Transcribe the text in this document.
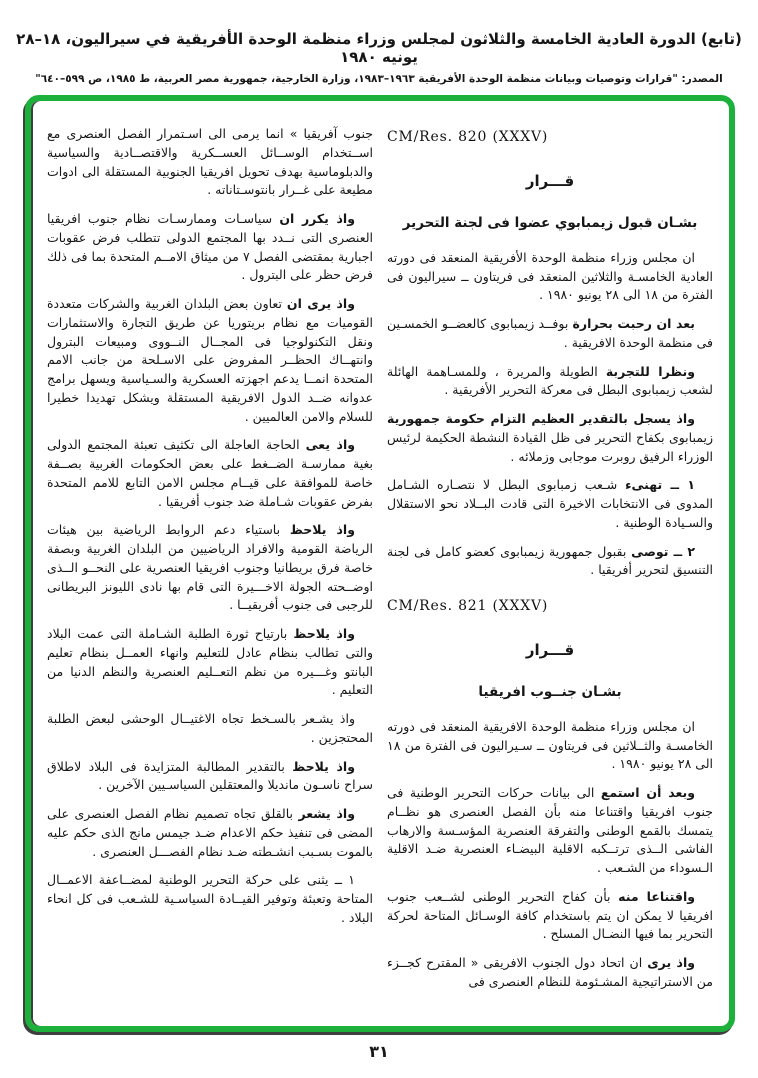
(تابع) الدورة العادية الخامسة والثلاثون لمجلس وزراء منظمة الوحدة الأفريقية في سيراليون، ١٨–٢٨ يونيه ١٩٨٠
المصدر: "قرارات وتوصيات وبيانات منظمة الوحدة الأفريقية ١٩٦٣–١٩٨٣، وزارة الخارجية، جمهورية مصر العربية، ط ١٩٨٥، ص ٥٩٩–٦٤٠"
CM/Res. 820 (XXXV)
قـــرار
بشـان قبول زيمبابوي عضوا فى لجنة التحرير

ان مجلس وزراء منظمة الوحدة الأفريقية المنعقد فى دورته العادية الخامسـة والثلاثين المنعقد فى فريتاون ــ سيراليون فى الفترة من ١٨ الى ٢٨ يونيو ١٩٨٠ .

بعد ان رحبت بحرارة بوفــد زيمبابوى كالعضــو الخمسـين فى منظمة الوحدة الافريقية .

ونظرا للتجربة الطويلة والمريرة ، وللمسـاهمة الهائلة لشعب زيمبابوى البطل فى معركة التحرير الأفريقية .

واذ يسجل بالتقدير العظيم التزام حكومة جمهورية زيمبابوى بكفاح التحرير فى ظل القيادة النشطة الحكيمة لرئيس الوزراء الرفيق روبرت موجابى وزملائه .

١ ــ تهنىء شـعب زمبابوى البطل لا نتصـاره الشـامل المدوى فى الانتخابات الاخيرة التى قادت البــلاد نحو الاستقلال والسـيادة الوطنية .

٢ ــ توصى بقبول جمهورية زيمبابوى كعضو كامل فى لجنة التنسيق لتحرير أفريقيا .

CM/Res. 821 (XXXV)
قـــرار
بشـان جنــوب افريقيا

ان مجلس وزراء منظمة الوحدة الافريقية المنعقد فى دورته الخامسـة والثــلاثين فى فريتاون ــ سـيراليون فى الفترة من ١٨ الى ٢٨ يونيو ١٩٨٠ .

وبعد أن استمع الى بيانات حركات التحرير الوطنية فى جنوب افريقيا واقتناعا منه بأن الفصل العنصرى هو نظــام يتمسك بالقمع الوطنى والتفرقة العنصرية المؤسـسة والارهاب الفاشى الــذى ترتــكبه الاقلية البيضـاء العنصرية ضـد الاقلية الـسوداء من الشـعب .

واقتناعا منه بأن كفاح التحرير الوطنى لشــعب جنوب افريقيا لا يمكن ان يتم باستخدام كافة الوسـائل المتاحة لحركة التحرير بما فيها النضـال المسلح .

واذ يرى ان اتحاد دول الجنوب الافريقى « المقترح كجــزء من الاستراتيجية المشـئومة للنظام العنصرى فى

جنوب آفريقيا » انما يرمى الى اسـتمرار الفصل العنصرى مع اســتخدام الوســائل العســكرية والاقتصــادية والسياسية والدبلوماسية بهدف تحويل افريقيا الجنوبية المستقلة الى ادوات مطيعة على غــرار بانتوسـتاناته .

واذ يكرر ان سياسـات وممارسـات نظام جنوب افريقيا العنصرى التى نــدد بها المجتمع الدولى تتطلب فرض عقوبات اجبارية بمقتضى الفصل ٧ من ميثاق الامــم المتحدة بما فى ذلك فرض حظر على البترول .

واذ يرى ان تعاون بعض البلدان الغربية والشركات متعددة القوميات مع نظام بريتوريا عن طريق التجارة والاستثمارات ونقل التكنولوجيا فى المجــال النــووى ومبيعات البترول وانتهــاك الحظــر المفروض على الاسـلحة من جانب الامم المتحدة انمــا يدعم اجهزته العسكرية والسـياسية ويسهل برامج عدوانه ضــد الدول الافريقية المستقلة ويشكل تهديدا خطيرا للسلام والامن العالميين .

واذ يعى الحاجة العاجلة الى تكثيف تعبئة المجتمع الدولى بغية ممارسـة الضــغط على بعض الحكومات الغربية بصــفة خاصة للموافقة على قيــام مجلس الامن التابع للامم المتحدة بفرض عقوبات شـاملة ضد جنوب أفريقيا .

واذ يلاحظ باستياء دعم الروابط الرياضية بين هيئات الرياضة القومية والافراد الرياضيين من البلدان الغربية وبصفة خاصة فرق بريطانيا وجنوب افريقيا العنصرية على النحــو الــذى اوضــحته الجولة الاخـــيرة التى قام بها نادى الليونز البريطانى للرجبى فى جنوب أفريقيــا .

واذ يلاحظ بارتياح ثورة الطلبة الشـاملة التى عمت البلاد والتى تطالب بنظام عادل للتعليم وانهاء العمــل بنظام تعليم البانتو وغـــيره من نظم التعــليم العنصرية والنظم الدنيا من التعليم .

واذ يشـعر بالسـخط تجاه الاغتيــال الوحشى لبعض الطلبة المحتجزين .

واذ يلاحظ بالتقدير المطالبة المتزايدة فى البلاد لاطلاق سراح ناسـون مانديلا والمعتقلين السياسـيين الآخرين .

واذ يشعر بالقلق تجاه تصميم نظام الفصل العنصرى على المضى فى تنفيذ حكم الاعدام ضـد جيمس مانج الذى حكم عليه بالموت بسـبب انشـطته ضـد نظام الفصـــل العنصرى .

١ ــ يثنى على حركة التحرير الوطنية لمضــاعفة الاعمــال المتاحة وتعبئة وتوفير القيــادة السياسـية للشـعب فى كل انحاء البلاد .

٣١
